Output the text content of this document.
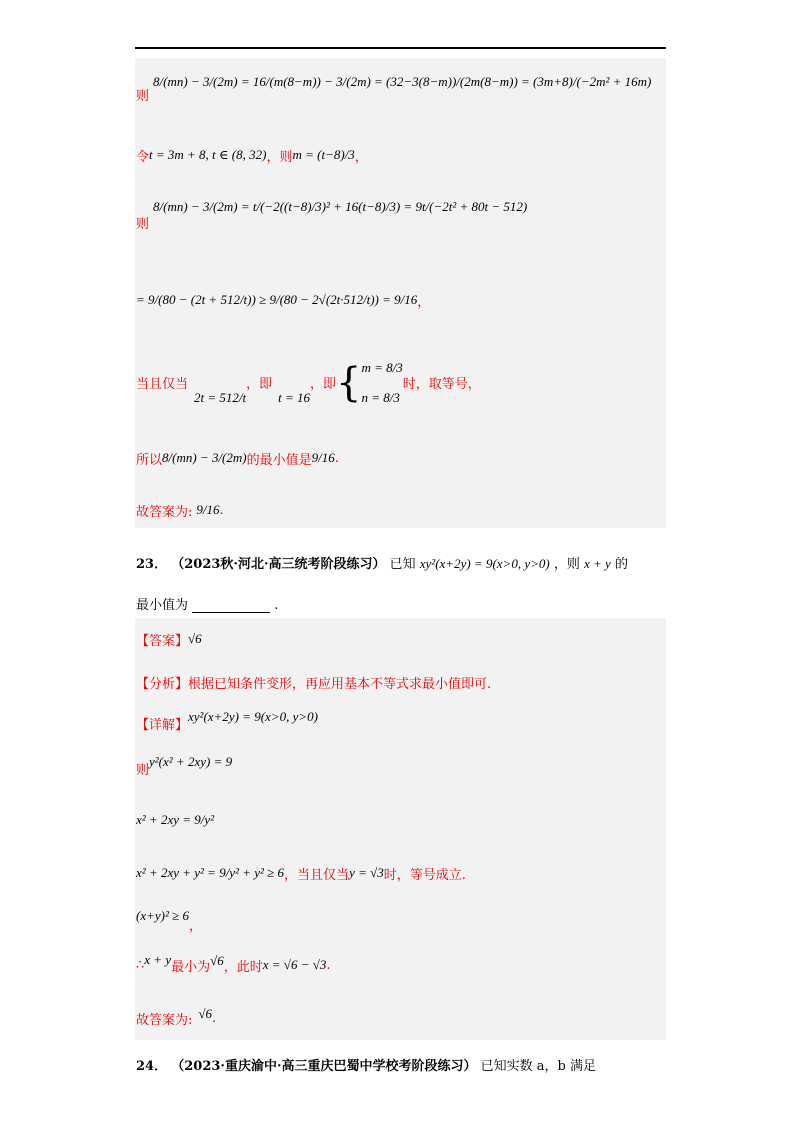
则
8/(mn) − 3/(2m) = 16/(m(8−m)) − 3/(2m) = (32−3(8−m))/(2m(8−m)) = (3m+8)/(−2m² + 16m)
令 t = 3m + 8, t ∈ (8, 32) ，则 m = (t−8)/3 ，
则
8/(mn) − 3/(2m) = t/(−2((t−8)/3)² + 16(t−8)/3) = 9t/(−2t² + 80t − 512)
= 9/(80 − (2t + 512/t)) ≥ 9/(80 − 2√(2t·512/t)) = 9/16 ，
当且仅当
2t = 512/t
，即
t = 16
，即 { m = 8/3
n = 8/3
时，取等号，
所以 8/(mn) − 3/(2m) 的最小值是 9/16 .
故答案为: 9/16 .
23． （2023秋·河北·高三统考阶段练习） 已知 xy²(x+2y) = 9(x>0, y>0) ，则 x + y 的
最小值为	.
【答案】 √6
【分析】 根据已知条件变形，再应用基本不等式求最小值即可.
【详解】
xy²(x+2y) = 9(x>0, y>0)
则
y²(x² + 2xy) = 9
x² + 2xy = 9/y²
x² + 2xy + y² = 9/y² + y² ≥ 6 ，当且仅当 y = √3 时，等号成立.
(x+y)² ≥ 6
，
∴ x + y 最小为 √6 ，此时 x = √6 − √3 .
故答案为: √6 .
24． （2023·重庆渝中·高三重庆巴蜀中学校考阶段练习） 已知实数 a，b 满足
